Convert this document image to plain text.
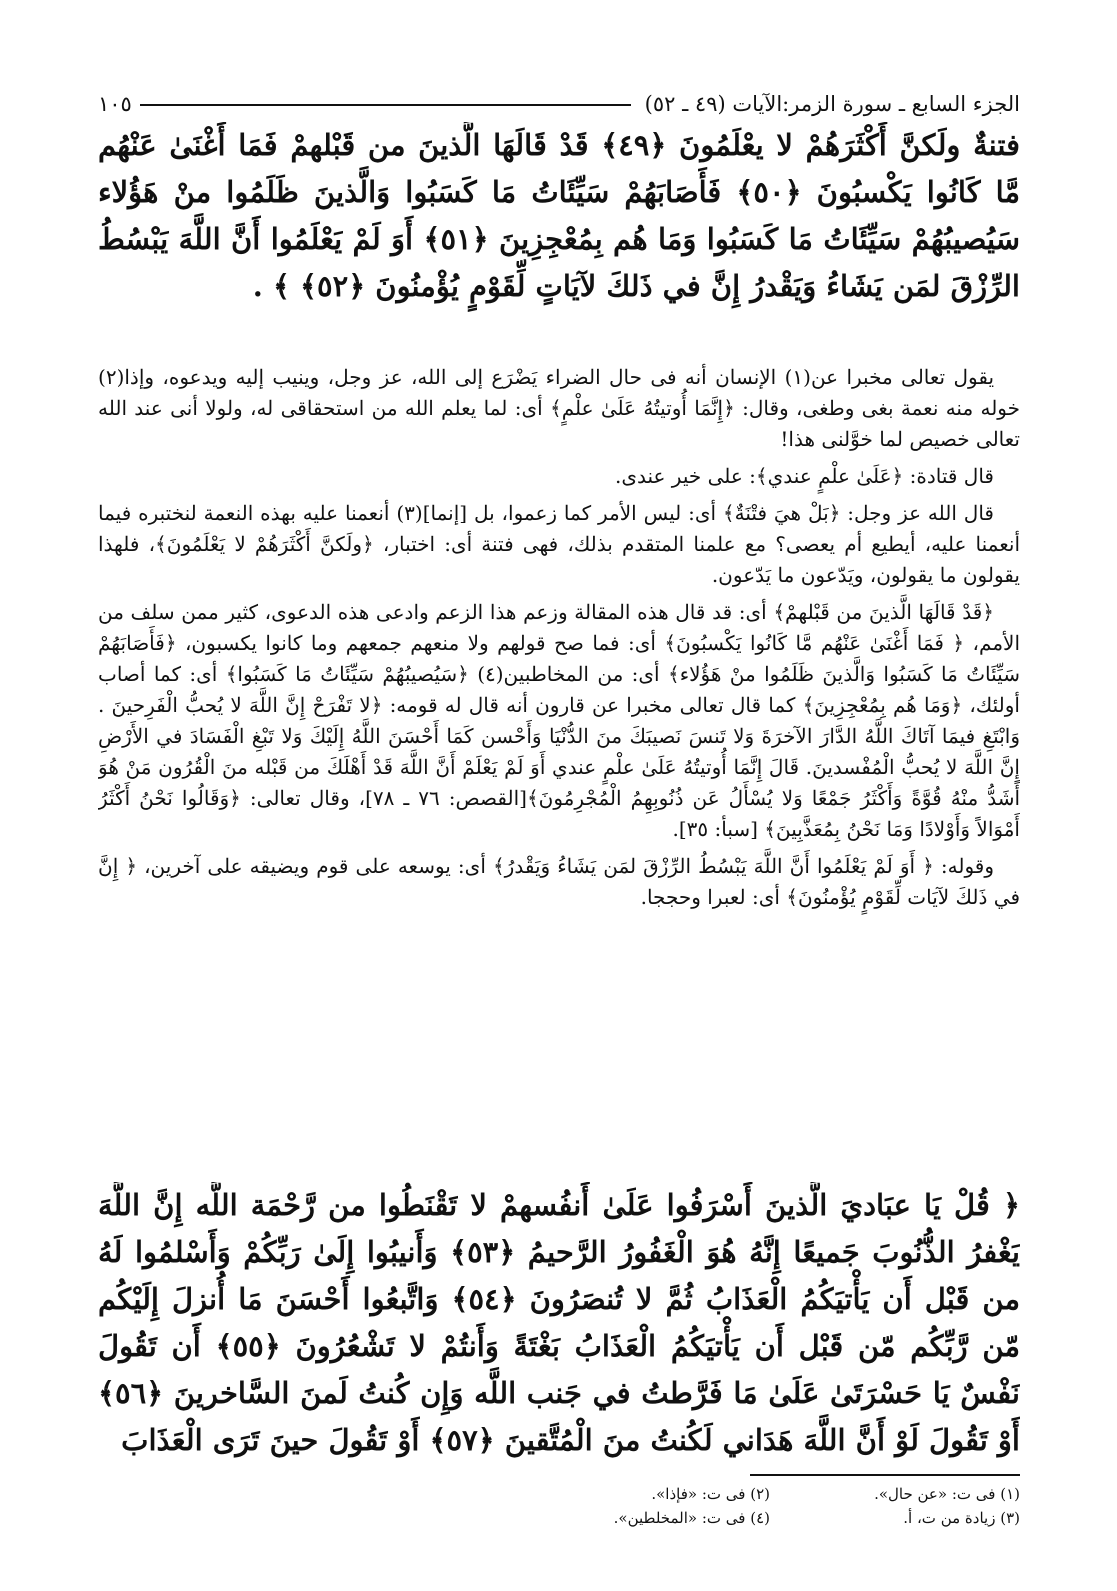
الجزء السابع ـ سورة الزمر:الآيات (٤٩ ـ ٥٢)
١٠٥
فتنةٌ ولَكنَّ أَكْثَرَهُمْ لا يعْلَمُونَ ﴿٤٩﴾ قَدْ قَالَهَا الَّذينَ من قَبْلهمْ فَمَا أَغْنَىٰ عَنْهُم مَّا كَانُوا يَكْسبُونَ ﴿٥٠﴾ فَأَصَابَهُمْ سَيِّئَاتُ مَا كَسَبُوا وَالَّذينَ ظَلَمُوا منْ هَؤُلاء سَيُصيبُهُمْ سَيِّئَاتُ مَا كَسَبُوا وَمَا هُم بِمُعْجِزِينَ ﴿٥١﴾ أَوَ لَمْ يَعْلَمُوا أَنَّ اللَّهَ يَبْسُطُ الرِّزْقَ لمَن يَشَاءُ وَيَقْدرُ إِنَّ في ذَلكَ لآيَاتٍ لِّقَوْمٍ يُؤْمنُونَ ﴿٥٢﴾ ﴾ .

يقول تعالى مخبرا عن(١) الإنسان أنه فى حال الضراء يَضْرَع إلى الله، عز وجل، وينيب إليه ويدعوه، وإذا(٢) خوله منه نعمة بغى وطغى، وقال: ﴿إِنَّمَا أُوتيتُهُ عَلَىٰ علْمٍ﴾ أى: لما يعلم الله من استحقاقى له، ولولا أنى عند الله تعالى خصيص لما خوَّلنى هذا!

قال قتادة: ﴿عَلَىٰ علْمٍ عندي﴾: على خير عندى.

قال الله عز وجل: ﴿بَلْ هيَ فتْنَةٌ﴾ أى: ليس الأمر كما زعموا، بل [إنما](٣) أنعمنا عليه بهذه النعمة لنختبره فيما أنعمنا عليه، أيطيع أم يعصى؟ مع علمنا المتقدم بذلك، فهى فتنة أى: اختبار، ﴿ولَكنَّ أَكْثَرَهُمْ لا يَعْلَمُونَ﴾، فلهذا يقولون ما يقولون، ويَدّعون ما يَدّعون.

﴿قَدْ قَالَهَا الَّذينَ من قَبْلهمْ﴾ أى: قد قال هذه المقالة وزعم هذا الزعم وادعى هذه الدعوى، كثير ممن سلف من الأمم، ﴿ فَمَا أَغْنَىٰ عَنْهُم مَّا كَانُوا يَكْسبُونَ﴾ أى: فما صح قولهم ولا منعهم جمعهم وما كانوا يكسبون، ﴿فَأَصَابَهُمْ سَيِّئَاتُ مَا كَسَبُوا وَالَّذينَ ظَلَمُوا منْ هَؤُلاء﴾ أى: من المخاطبين(٤) ﴿سَيُصيبُهُمْ سَيِّئَاتُ مَا كَسَبُوا﴾ أى: كما أصاب أولئك، ﴿وَمَا هُم بِمُعْجِزِينَ﴾ كما قال تعالى مخبرا عن قارون أنه قال له قومه: ﴿لا تَفْرَحْ إِنَّ اللَّهَ لا يُحبُّ الْفَرِحينَ . وَابْتَغِ فيمَا آتَاكَ اللَّهُ الدَّارَ الآخرَةَ وَلا تَنسَ نَصيبَكَ منَ الدُّنْيَا وَأَحْسن كَمَا أَحْسَنَ اللَّهُ إِلَيْكَ وَلا تَبْغِ الْفَسَادَ في الأَرْضِ إِنَّ اللَّهَ لا يُحبُّ الْمُفْسدينَ. قَالَ إِنَّمَا أُوتيتُهُ عَلَىٰ علْمٍ عندي أَوَ لَمْ يَعْلَمْ أَنَّ اللَّهَ قَدْ أَهْلَكَ من قَبْله منَ الْقُرُون مَنْ هُوَ أَشَدُّ منْهُ قُوَّةً وَأَكْثَرُ جَمْعًا وَلا يُسْأَلُ عَن ذُنُوبِهِمُ الْمُجْرِمُونَ﴾[القصص: ٧٦ ـ ٧٨]، وقال تعالى: ﴿وَقَالُوا نَحْنُ أَكْثَرُ أَمْوَالاً وَأَوْلادًا وَمَا نَحْنُ بِمُعَذَّبِينَ﴾ [سبأ: ٣٥].

وقوله: ﴿ أَوَ لَمْ يَعْلَمُوا أَنَّ اللَّهَ يَبْسُطُ الرِّزْقَ لمَن يَشَاءُ وَيَقْدرُ﴾ أى: يوسعه على قوم ويضيقه على آخرين، ﴿ إِنَّ في ذَلكَ لآيَات لِّقَوْمٍ يُؤْمنُونَ﴾ أى: لعبرا وحججا.

﴿ قُلْ يَا عبَاديَ الَّذينَ أَسْرَفُوا عَلَىٰ أَنفُسهمْ لا تَقْنَطُوا من رَّحْمَة اللَّه إِنَّ اللَّهَ يَغْفرُ الذُّنُوبَ جَميعًا إِنَّهُ هُوَ الْغَفُورُ الرَّحيمُ ﴿٥٣﴾ وَأَنيبُوا إِلَىٰ رَبِّكُمْ وَأَسْلمُوا لَهُ من قَبْل أَن يَأْتيَكُمُ الْعَذَابُ ثُمَّ لا تُنصَرُونَ ﴿٥٤﴾ وَاتَّبعُوا أَحْسَنَ مَا أُنزلَ إِلَيْكُم مّن رَّبِّكُم مّن قَبْل أَن يَأْتيَكُمُ الْعَذَابُ بَغْتَةً وَأَنتُمْ لا تَشْعُرُونَ ﴿٥٥﴾ أَن تَقُولَ نَفْسٌ يَا حَسْرَتَىٰ عَلَىٰ مَا فَرَّطتُ في جَنب اللَّه وَإِن كُنتُ لَمنَ السَّاخرينَ ﴿٥٦﴾ أَوْ تَقُولَ لَوْ أَنَّ اللَّهَ هَدَاني لَكُنتُ منَ الْمُتَّقينَ ﴿٥٧﴾ أَوْ تَقُولَ حينَ تَرَى الْعَذَابَ
(١) فى ت: «عن حال».
(٢) فى ت: «فإذا».
(٣) زيادة من ت، أ.
(٤) فى ت: «المخلطين».
